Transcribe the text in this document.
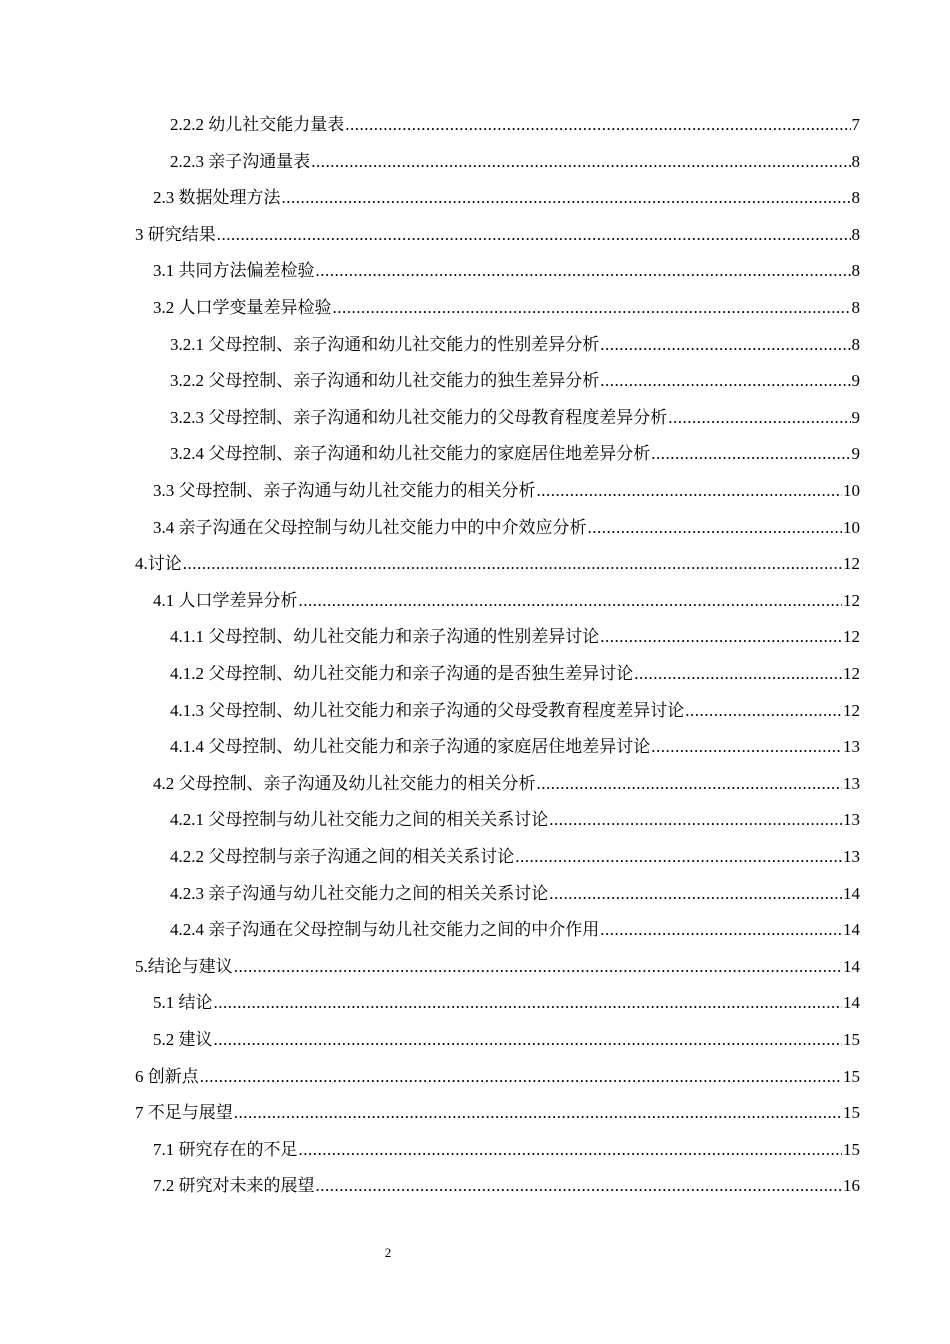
2.2.2 幼儿社交能力量表 .....	7
2.2.3 亲子沟通量表 .....	8
2.3 数据处理方法 .....	8
3 研究结果 .....	8
3.1 共同方法偏差检验 .....	8
3.2 人口学变量差异检验 .....	8
3.2.1 父母控制、亲子沟通和幼儿社交能力的性别差异分析 .....	8
3.2.2 父母控制、亲子沟通和幼儿社交能力的独生差异分析 .....	9
3.2.3 父母控制、亲子沟通和幼儿社交能力的父母教育程度差异分析 .....	9
3.2.4 父母控制、亲子沟通和幼儿社交能力的家庭居住地差异分析 .....	9
3.3 父母控制、亲子沟通与幼儿社交能力的相关分析 .....	10
3.4 亲子沟通在父母控制与幼儿社交能力中的中介效应分析 .....	10
4.讨论 .....	12
4.1 人口学差异分析 .....	12
4.1.1 父母控制、幼儿社交能力和亲子沟通的性别差异讨论 .....	12
4.1.2 父母控制、幼儿社交能力和亲子沟通的是否独生差异讨论 .....	12
4.1.3 父母控制、幼儿社交能力和亲子沟通的父母受教育程度差异讨论 .....	12
4.1.4 父母控制、幼儿社交能力和亲子沟通的家庭居住地差异讨论 .....	13
4.2 父母控制、亲子沟通及幼儿社交能力的相关分析 .....	13
4.2.1 父母控制与幼儿社交能力之间的相关关系讨论 .....	13
4.2.2 父母控制与亲子沟通之间的相关关系讨论 .....	13
4.2.3 亲子沟通与幼儿社交能力之间的相关关系讨论 .....	14
4.2.4 亲子沟通在父母控制与幼儿社交能力之间的中介作用 .....	14
5.结论与建议 .....	14
5.1 结论 .....	14
5.2 建议 .....	15
6 创新点 .....	15
7 不足与展望 .....	15
7.1 研究存在的不足 .....	15
7.2 研究对未来的展望 .....	16
2
